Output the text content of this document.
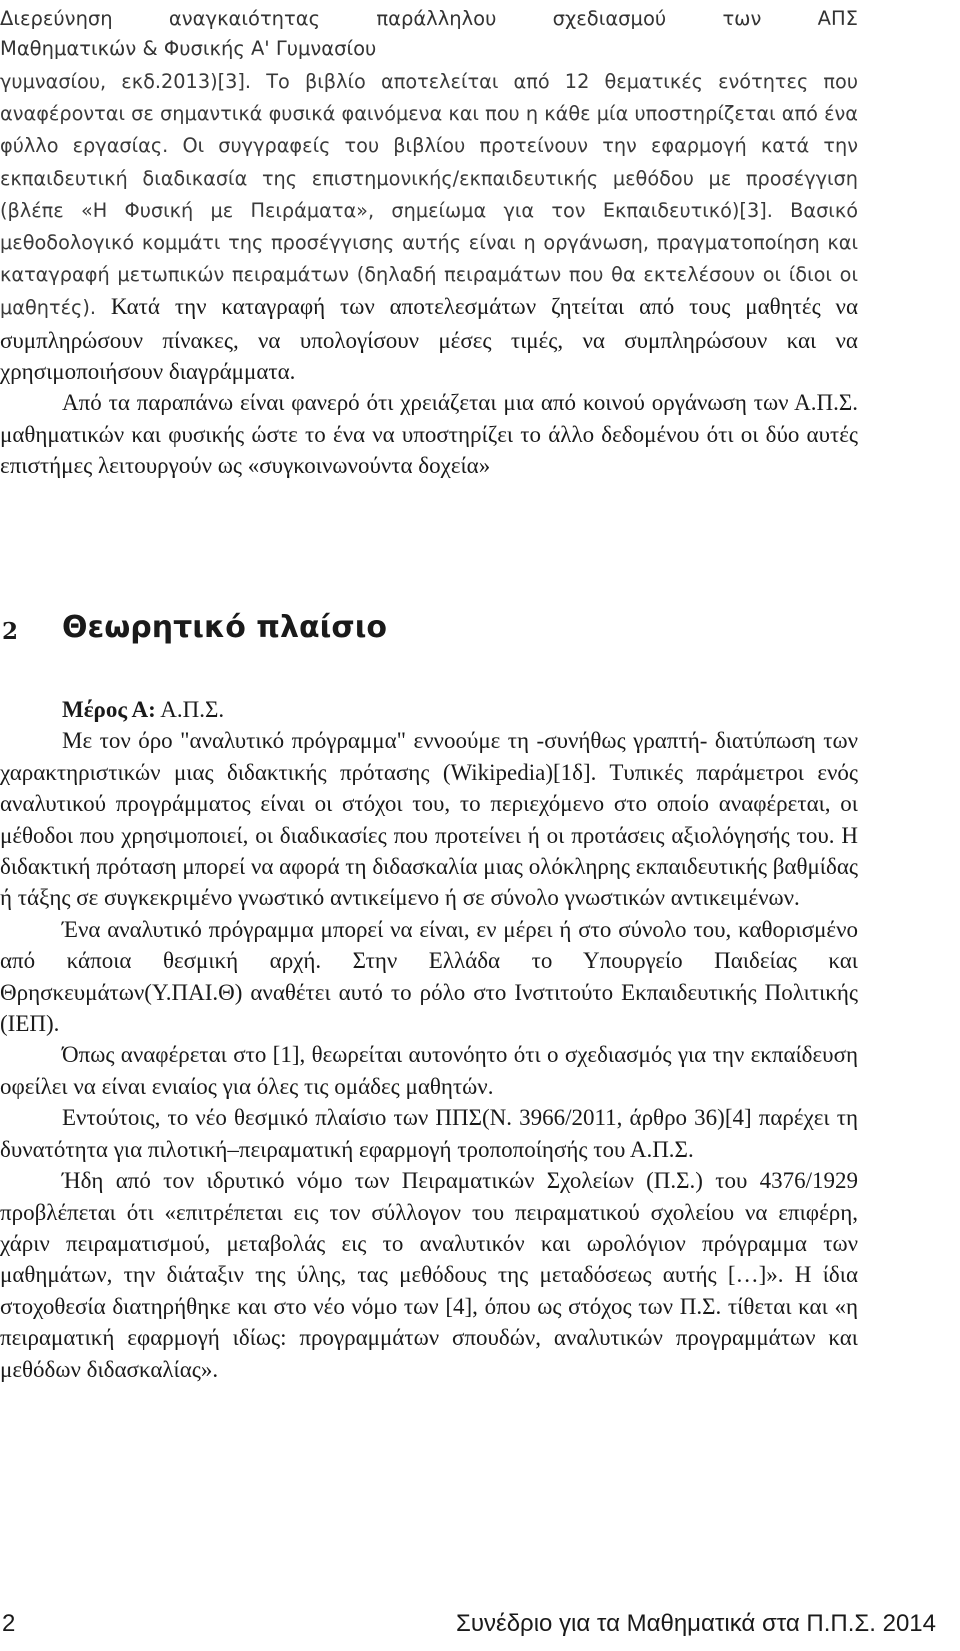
Διερεύνηση αναγκαιότητας παράλληλου σχεδιασμού των ΑΠΣ
Μαθηματικών & Φυσικής Α' Γυμνασίου

γυμνασίου, εκδ.2013)[3]. Το βιβλίο αποτελείται από 12 θεματικές ενότητες που αναφέρονται σε σημαντικά φυσικά φαινόμενα και που η κάθε μία υποστηρίζεται από ένα φύλλο εργασίας. Οι συγγραφείς του βιβλίου προτείνουν την εφαρμογή κατά την εκπαιδευτική διαδικασία της επιστημονικής/εκπαιδευτικής μεθόδου με προσέγγιση (βλέπε «Η Φυσική με Πειράματα», σημείωμα για τον Εκπαιδευτικό)[3]. Βασικό μεθοδολογικό κομμάτι της προσέγγισης αυτής είναι η οργάνωση, πραγματοποίηση και καταγραφή μετωπικών πειραμάτων (δηλαδή πειραμάτων που θα εκτελέσουν οι ίδιοι οι μαθητές). Κατά την καταγραφή των αποτελεσμάτων ζητείται από τους μαθητές να συμπληρώσουν πίνακες, να υπολογίσουν μέσες τιμές, να συμπληρώσουν και να χρησιμοποιήσουν διαγράμματα.

Από τα παραπάνω είναι φανερό ότι χρειάζεται μια από κοινού οργάνωση των Α.Π.Σ. μαθηματικών και φυσικής ώστε το ένα να υποστηρίζει το άλλο δεδομένου ότι οι δύο αυτές επιστήμες λειτουργούν ως «συγκοινωνούντα δοχεία»

2 Θεωρητικό πλαίσιο

Μέρος Α: Α.Π.Σ.

Με τον όρο "αναλυτικό πρόγραμμα" εννοούμε τη -συνήθως γραπτή- διατύπωση των χαρακτηριστικών μιας διδακτικής πρότασης (Wikipedia)[1δ]. Τυπικές παράμετροι ενός αναλυτικού προγράμματος είναι οι στόχοι του, το περιεχόμενο στο οποίο αναφέρεται, οι μέθοδοι που χρησιμοποιεί, οι διαδικασίες που προτείνει ή οι προτάσεις αξιολόγησής του. Η διδακτική πρόταση μπορεί να αφορά τη διδασκαλία μιας ολόκληρης εκπαιδευτικής βαθμίδας ή τάξης σε συγκεκριμένο γνωστικό αντικείμενο ή σε σύνολο γνωστικών αντικειμένων.

Ένα αναλυτικό πρόγραμμα μπορεί να είναι, εν μέρει ή στο σύνολο του, καθορισμένο από κάποια θεσμική αρχή. Στην Ελλάδα το Υπουργείο Παιδείας και Θρησκευμάτων(Υ.ΠΑΙ.Θ) αναθέτει αυτό το ρόλο στο Ινστιτούτο Εκπαιδευτικής Πολιτικής (ΙΕΠ).

Όπως αναφέρεται στο [1], θεωρείται αυτονόητο ότι ο σχεδιασμός για την εκπαίδευση οφείλει να είναι ενιαίος για όλες τις ομάδες μαθητών.

Εντούτοις, το νέο θεσμικό πλαίσιο των ΠΠΣ(Ν. 3966/2011, άρθρο 36)[4] παρέχει τη δυνατότητα για πιλοτική–πειραματική εφαρμογή τροποποίησής του Α.Π.Σ.

Ήδη από τον ιδρυτικό νόμο των Πειραματικών Σχολείων (Π.Σ.) του 4376/1929 προβλέπεται ότι «επιτρέπεται εις τον σύλλογον του πειραματικού σχολείου να επιφέρη, χάριν πειραματισμού, μεταβολάς εις το αναλυτικόν και ωρολόγιον πρόγραμμα των μαθημάτων, την διάταξιν της ύλης, τας μεθόδους της μεταδόσεως αυτής […]». Η ίδια στοχοθεσία διατηρήθηκε και στο νέο νόμο των [4], όπου ως στόχος των Π.Σ. τίθεται και «η πειραματική εφαρμογή ιδίως: προγραμμάτων σπουδών, αναλυτικών προγραμμάτων και μεθόδων διδασκαλίας».

2	Συνέδριο για τα Μαθηματικά στα Π.Π.Σ. 2014
